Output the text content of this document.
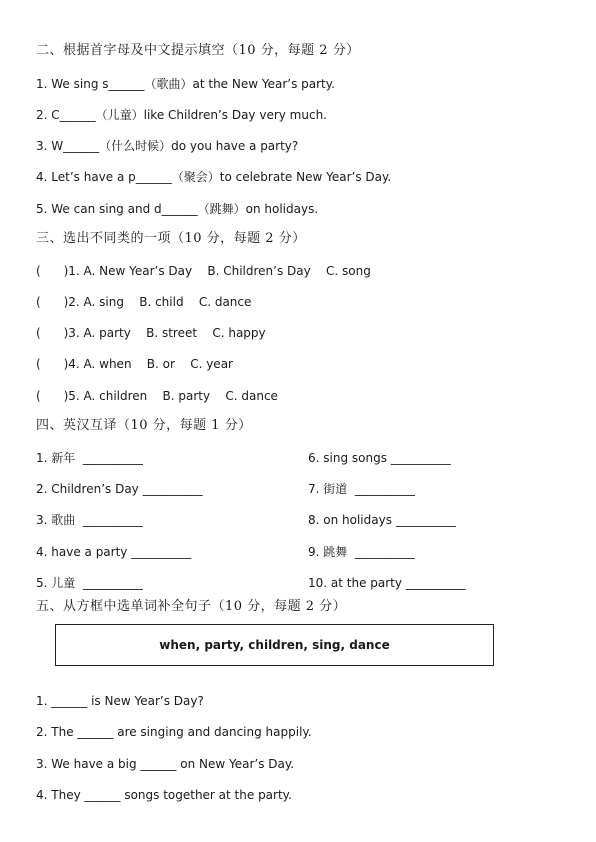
二、根据首字母及中文提示填空（10 分，每题 2 分）
1. We sing s______（歌曲）at the New Year’s party.
2. C______（儿童）like Children’s Day very much.
3. W______（什么时候）do you have a party?
4. Let’s have a p______（聚会）to celebrate New Year’s Day.
5. We can sing and d______（跳舞）on holidays.
三、选出不同类的一项（10 分，每题 2 分）
(      )1. A. New Year’s Day    B. Children’s Day    C. song
(      )2. A. sing    B. child    C. dance
(      )3. A. party    B. street    C. happy
(      )4. A. when    B. or    C. year
(      )5. A. children    B. party    C. dance
四、英汉互译（10 分，每题 1 分）
1. 新年  __________
2. Children’s Day __________
3. 歌曲  __________
4. have a party __________
5. 儿童  __________
6. sing songs __________
7. 街道  __________
8. on holidays __________
9. 跳舞  __________
10. at the party __________
五、从方框中选单词补全句子（10 分，每题 2 分）
when, party, children, sing, dance
1. ______ is New Year’s Day?
2. The ______ are singing and dancing happily.
3. We have a big ______ on New Year’s Day.
4. They ______ songs together at the party.
